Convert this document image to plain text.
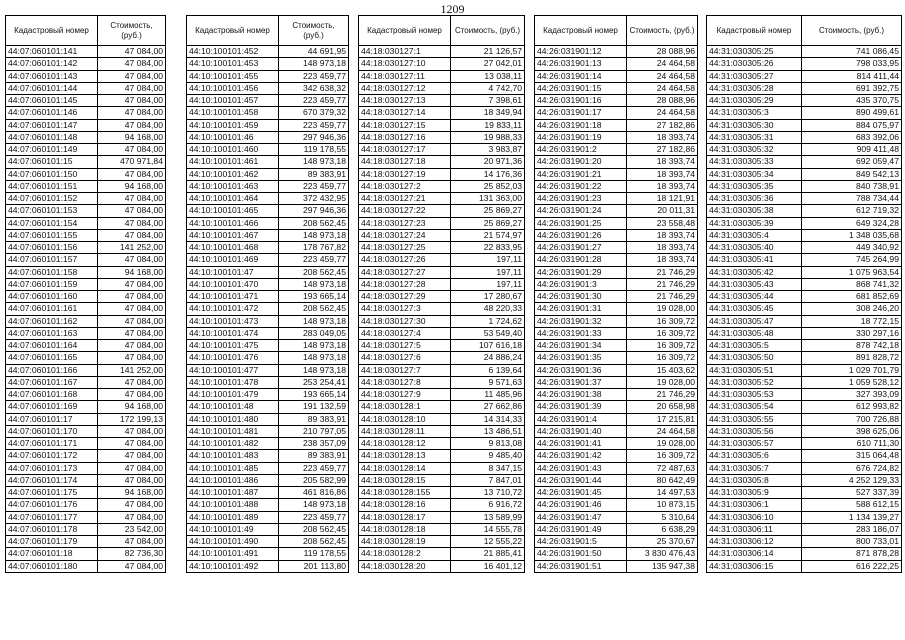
1209
Кадастровый номер	Стоимость, (руб.)
44:07:060101:141	47 084,00
44:07:060101:142	47 084,00
44:07:060101:143	47 084,00
44:07:060101:144	47 084,00
44:07:060101:145	47 084,00
44:07:060101:146	47 084,00
44:07:060101:147	47 084,00
44:07:060101:148	94 168,00
44:07:060101:149	47 084,00
44:07:060101:15	470 971,84
44:07:060101:150	47 084,00
44:07:060101:151	94 168,00
44:07:060101:152	47 084,00
44:07:060101:153	47 084,00
44:07:060101:154	47 084,00
44:07:060101:155	47 084,00
44:07:060101:156	141 252,00
44:07:060101:157	47 084,00
44:07:060101:158	94 168,00
44:07:060101:159	47 084,00
44:07:060101:160	47 084,00
44:07:060101:161	47 084,00
44:07:060101:162	47 084,00
44:07:060101:163	47 084,00
44:07:060101:164	47 084,00
44:07:060101:165	47 084,00
44:07:060101:166	141 252,00
44:07:060101:167	47 084,00
44:07:060101:168	47 084,00
44:07:060101:169	94 168,00
44:07:060101:17	172 199,13
44:07:060101:170	47 084,00
44:07:060101:171	47 084,00
44:07:060101:172	47 084,00
44:07:060101:173	47 084,00
44:07:060101:174	47 084,00
44:07:060101:175	94 168,00
44:07:060101:176	47 084,00
44:07:060101:177	47 084,00
44:07:060101:178	23 542,00
44:07:060101:179	47 084,00
44:07:060101:18	82 736,30
44:07:060101:180	47 084,00
Кадастровый номер	Стоимость, (руб.)
44:10:100101:452	44 691,95
44:10:100101:453	148 973,18
44:10:100101:455	223 459,77
44:10:100101:456	342 638,32
44:10:100101:457	223 459,77
44:10:100101:458	670 379,32
44:10:100101:459	223 459,77
44:10:100101:46	297 946,36
44:10:100101:460	119 178,55
44:10:100101:461	148 973,18
44:10:100101:462	89 383,91
44:10:100101:463	223 459,77
44:10:100101:464	372 432,95
44:10:100101:465	297 946,36
44:10:100101:466	208 562,45
44:10:100101:467	148 973,18
44:10:100101:468	178 767,82
44:10:100101:469	223 459,77
44:10:100101:47	208 562,45
44:10:100101:470	148 973,18
44:10:100101:471	193 665,14
44:10:100101:472	208 562,45
44:10:100101:473	148 973,18
44:10:100101:474	283 049,05
44:10:100101:475	148 973,18
44:10:100101:476	148 973,18
44:10:100101:477	148 973,18
44:10:100101:478	253 254,41
44:10:100101:479	193 665,14
44:10:100101:48	191 132,59
44:10:100101:480	89 383,91
44:10:100101:481	210 797,05
44:10:100101:482	238 357,09
44:10:100101:483	89 383,91
44:10:100101:485	223 459,77
44:10:100101:486	205 582,99
44:10:100101:487	461 816,86
44:10:100101:488	148 973,18
44:10:100101:489	223 459,77
44:10:100101:49	208 562,45
44:10:100101:490	208 562,45
44:10:100101:491	119 178,55
44:10:100101:492	201 113,80
Кадастровый номер	Стоимость, (руб.)
44:18:030127:1	21 126,57
44:18:030127:10	27 042,01
44:18:030127:11	13 038,11
44:18:030127:12	4 742,70
44:18:030127:13	7 398,61
44:18:030127:14	18 349,94
44:18:030127:15	19 833,11
44:18:030127:16	19 988,33
44:18:030127:17	3 983,87
44:18:030127:18	20 971,36
44:18:030127:19	14 176,36
44:18:030127:2	25 852,03
44:18:030127:21	131 363,00
44:18:030127:22	25 869,27
44:18:030127:23	25 869,27
44:18:030127:24	21 574,97
44:18:030127:25	22 833,95
44:18:030127:26	197,11
44:18:030127:27	197,11
44:18:030127:28	197,11
44:18:030127:29	17 280,67
44:18:030127:3	48 220,33
44:18:030127:30	1 724,62
44:18:030127:4	53 549,40
44:18:030127:5	107 616,18
44:18:030127:6	24 886,24
44:18:030127:7	6 139,64
44:18:030127:8	9 571,63
44:18:030127:9	11 485,96
44:18:030128:1	27 662,86
44:18:030128:10	14 314,33
44:18:030128:11	13 486,51
44:18:030128:12	9 813,08
44:18:030128:13	9 485,40
44:18:030128:14	8 347,15
44:18:030128:15	7 847,01
44:18:030128:155	13 710,72
44:18:030128:16	6 916,72
44:18:030128:17	13 589,99
44:18:030128:18	14 555,78
44:18:030128:19	12 555,22
44:18:030128:2	21 885,41
44:18:030128:20	16 401,12
Кадастровый номер	Стоимость, (руб.)
44:26:031901:12	28 088,96
44:26:031901:13	24 464,58
44:26:031901:14	24 464,58
44:26:031901:15	24 464,58
44:26:031901:16	28 088,96
44:26:031901:17	24 464,58
44:26:031901:18	27 182,86
44:26:031901:19	18 393,74
44:26:031901:2	27 182,86
44:26:031901:20	18 393,74
44:26:031901:21	18 393,74
44:26:031901:22	18 393,74
44:26:031901:23	18 121,91
44:26:031901:24	20 011,31
44:26:031901:25	23 558,48
44:26:031901:26	18 393,74
44:26:031901:27	18 393,74
44:26:031901:28	18 393,74
44:26:031901:29	21 746,29
44:26:031901:3	21 746,29
44:26:031901:30	21 746,29
44:26:031901:31	19 028,00
44:26:031901:32	16 309,72
44:26:031901:33	16 309,72
44:26:031901:34	16 309,72
44:26:031901:35	16 309,72
44:26:031901:36	15 403,62
44:26:031901:37	19 028,00
44:26:031901:38	21 746,29
44:26:031901:39	20 658,98
44:26:031901:4	17 215,81
44:26:031901:40	24 464,58
44:26:031901:41	19 028,00
44:26:031901:42	16 309,72
44:26:031901:43	72 487,63
44:26:031901:44	80 642,49
44:26:031901:45	14 497,53
44:26:031901:46	10 873,15
44:26:031901:47	5 310,64
44:26:031901:49	6 638,29
44:26:031901:5	25 370,67
44:26:031901:50	3 830 476,43
44:26:031901:51	135 947,38
Кадастровый номер	Стоимость, (руб.)
44:31:030305:25	741 086,45
44:31:030305:26	798 033,95
44:31:030305:27	814 411,44
44:31:030305:28	691 392,75
44:31:030305:29	435 370,75
44:31:030305:3	890 499,61
44:31:030305:30	884 075,97
44:31:030305:31	683 392,06
44:31:030305:32	909 411,48
44:31:030305:33	692 059,47
44:31:030305:34	849 542,13
44:31:030305:35	840 738,91
44:31:030305:36	788 734,44
44:31:030305:38	612 719,32
44:31:030305:39	649 324,28
44:31:030305:4	1 348 035,68
44:31:030305:40	449 340,92
44:31:030305:41	745 264,99
44:31:030305:42	1 075 963,54
44:31:030305:43	868 741,32
44:31:030305:44	681 852,69
44:31:030305:45	308 246,20
44:31:030305:47	18 772,15
44:31:030305:48	330 297,16
44:31:030305:5	878 742,18
44:31:030305:50	891 828,72
44:31:030305:51	1 029 701,79
44:31:030305:52	1 059 528,12
44:31:030305:53	327 393,09
44:31:030305:54	612 993,82
44:31:030305:55	700 726,88
44:31:030305:56	398 625,06
44:31:030305:57	610 711,30
44:31:030305:6	315 064,48
44:31:030305:7	676 724,82
44:31:030305:8	4 252 129,33
44:31:030305:9	527 337,39
44:31:030306:1	588 612,15
44:31:030306:10	1 134 139,27
44:31:030306:11	283 186,07
44:31:030306:12	800 733,01
44:31:030306:14	871 878,28
44:31:030306:15	616 222,25
